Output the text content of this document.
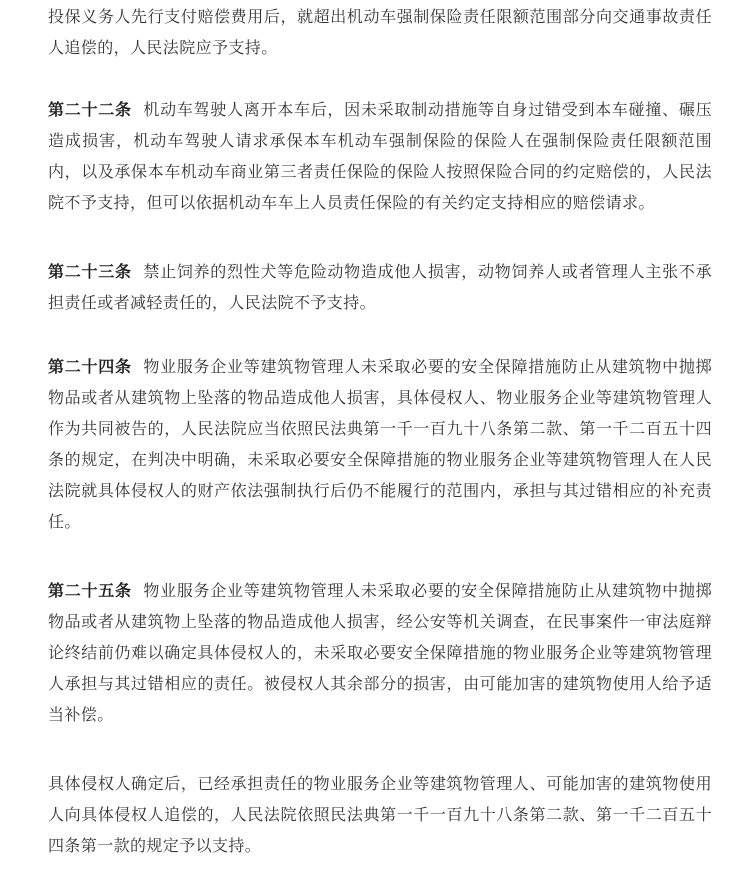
投保义务人先行支付赔偿费用后，就超出机动车强制保险责任限额范围部分向交通事故责任人追偿的，人民法院应予支持。

第二十二条 机动车驾驶人离开本车后，因未采取制动措施等自身过错受到本车碰撞、碾压造成损害，机动车驾驶人请求承保本车机动车强制保险的保险人在强制保险责任限额范围内，以及承保本车机动车商业第三者责任保险的保险人按照保险合同的约定赔偿的，人民法院不予支持，但可以依据机动车车上人员责任保险的有关约定支持相应的赔偿请求。

第二十三条 禁止饲养的烈性犬等危险动物造成他人损害，动物饲养人或者管理人主张不承担责任或者减轻责任的，人民法院不予支持。

第二十四条 物业服务企业等建筑物管理人未采取必要的安全保障措施防止从建筑物中抛掷物品或者从建筑物上坠落的物品造成他人损害，具体侵权人、物业服务企业等建筑物管理人作为共同被告的，人民法院应当依照民法典第一千一百九十八条第二款、第一千二百五十四条的规定，在判决中明确，未采取必要安全保障措施的物业服务企业等建筑物管理人在人民法院就具体侵权人的财产依法强制执行后仍不能履行的范围内，承担与其过错相应的补充责任。

第二十五条 物业服务企业等建筑物管理人未采取必要的安全保障措施防止从建筑物中抛掷物品或者从建筑物上坠落的物品造成他人损害，经公安等机关调查，在民事案件一审法庭辩论终结前仍难以确定具体侵权人的，未采取必要安全保障措施的物业服务企业等建筑物管理人承担与其过错相应的责任。被侵权人其余部分的损害，由可能加害的建筑物使用人给予适当补偿。

具体侵权人确定后，已经承担责任的物业服务企业等建筑物管理人、可能加害的建筑物使用人向具体侵权人追偿的，人民法院依照民法典第一千一百九十八条第二款、第一千二百五十四条第一款的规定予以支持。
